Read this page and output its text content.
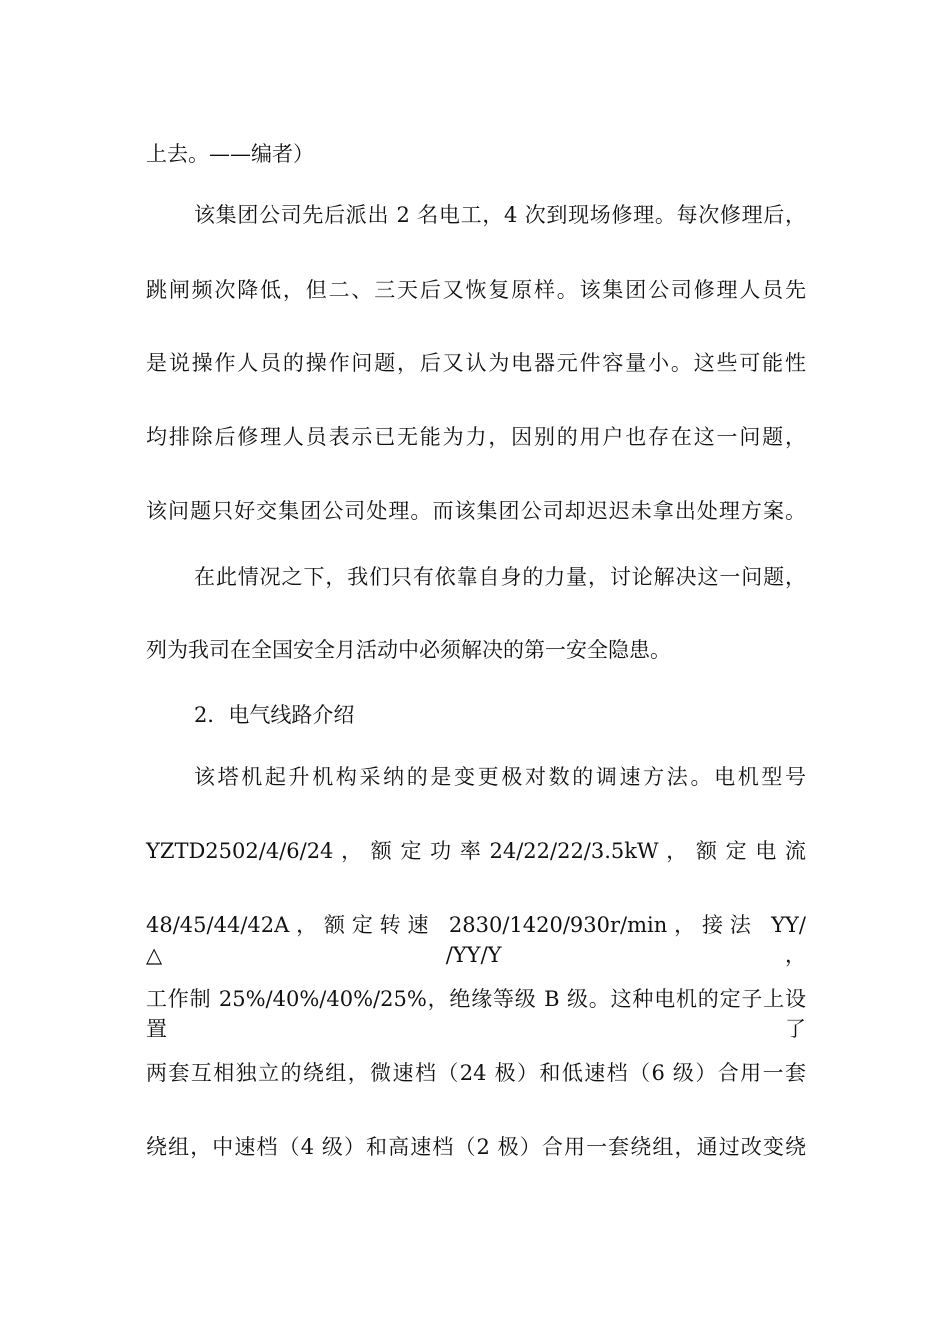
上去。——编者）
该集团公司先后派出 2 名电工，4 次到现场修理。每次修理后，
跳闸频次降低，但二、三天后又恢复原样。该集团公司修理人员先
是说操作人员的操作问题，后又认为电器元件容量小。这些可能性
均排除后修理人员表示已无能为力，因别的用户也存在这一问题，
该问题只好交集团公司处理。而该集团公司却迟迟未拿出处理方案。
在此情况之下，我们只有依靠自身的力量，讨论解决这一问题，
列为我司在全国安全月活动中必须解决的第一安全隐患。
2．电气线路介绍
该塔机起升机构采纳的是变更极对数的调速方法。电机型号
YZTD2502/4/6/24 ， 额 定 功 率 24/22/22/3.5kW ， 额 定 电 流
48/45/44/42A，额定转速 2830/1420/930r/min，接法 YY/△/YY/Y，
工作制 25%/40%/40%/25%，绝缘等级 B 级。这种电机的定子上设置了
两套互相独立的绕组，微速档（24 极）和低速档（6 级）合用一套
绕组，中速档（4 级）和高速档（2 极）合用一套绕组，通过改变绕
